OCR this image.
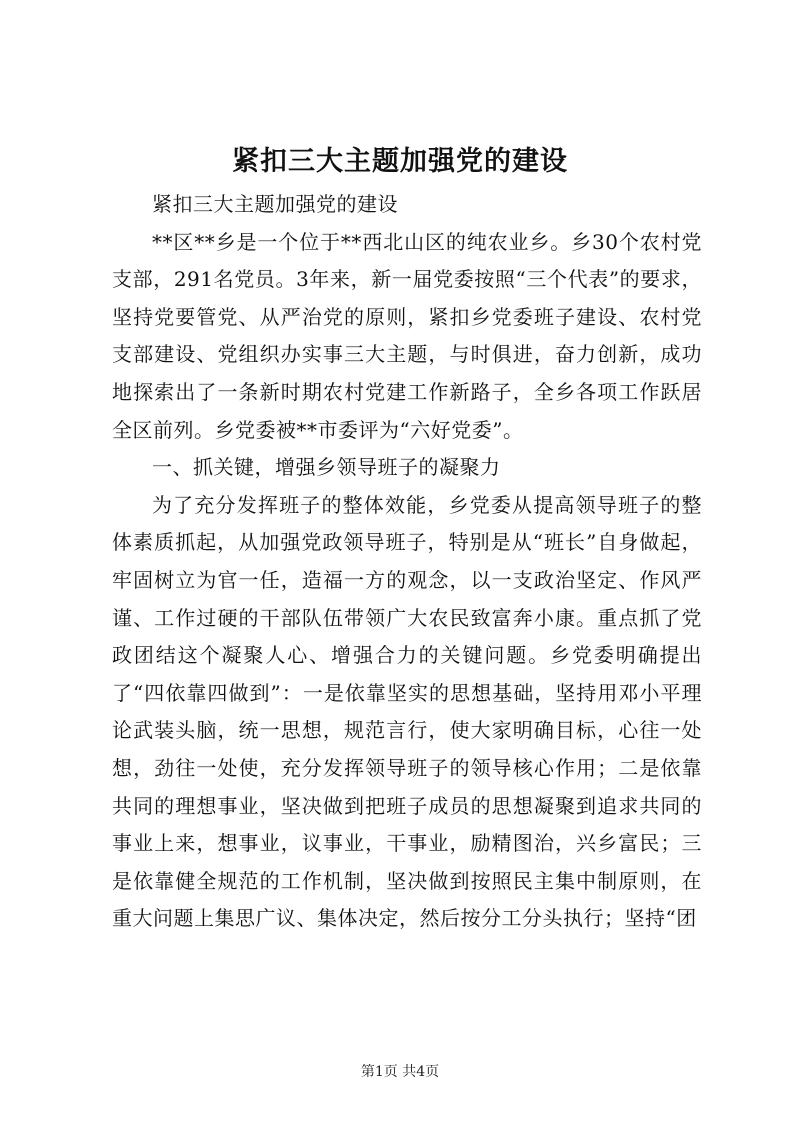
紧扣三大主题加强党的建设

紧扣三大主题加强党的建设

**区**乡是一个位于**西北山区的纯农业乡。乡30个农村党支部，291名党员。3年来，新一届党委按照“三个代表”的要求，坚持党要管党、从严治党的原则，紧扣乡党委班子建设、农村党支部建设、党组织办实事三大主题，与时俱进，奋力创新，成功地探索出了一条新时期农村党建工作新路子，全乡各项工作跃居全区前列。乡党委被**市委评为“六好党委”。

一、抓关键，增强乡领导班子的凝聚力

为了充分发挥班子的整体效能，乡党委从提高领导班子的整体素质抓起，从加强党政领导班子，特别是从“班长”自身做起，牢固树立为官一任，造福一方的观念，以一支政治坚定、作风严谨、工作过硬的干部队伍带领广大农民致富奔小康。重点抓了党政团结这个凝聚人心、增强合力的关键问题。乡党委明确提出了“四依靠四做到”：一是依靠坚实的思想基础，坚持用邓小平理论武装头脑，统一思想，规范言行，使大家明确目标，心往一处想，劲往一处使，充分发挥领导班子的领导核心作用；二是依靠共同的理想事业，坚决做到把班子成员的思想凝聚到追求共同的事业上来，想事业，议事业，干事业，励精图治，兴乡富民；三是依靠健全规范的工作机制，坚决做到按照民主集中制原则，在重大问题上集思广议、集体决定，然后按分工分头执行；坚持“团

第1页 共4页
